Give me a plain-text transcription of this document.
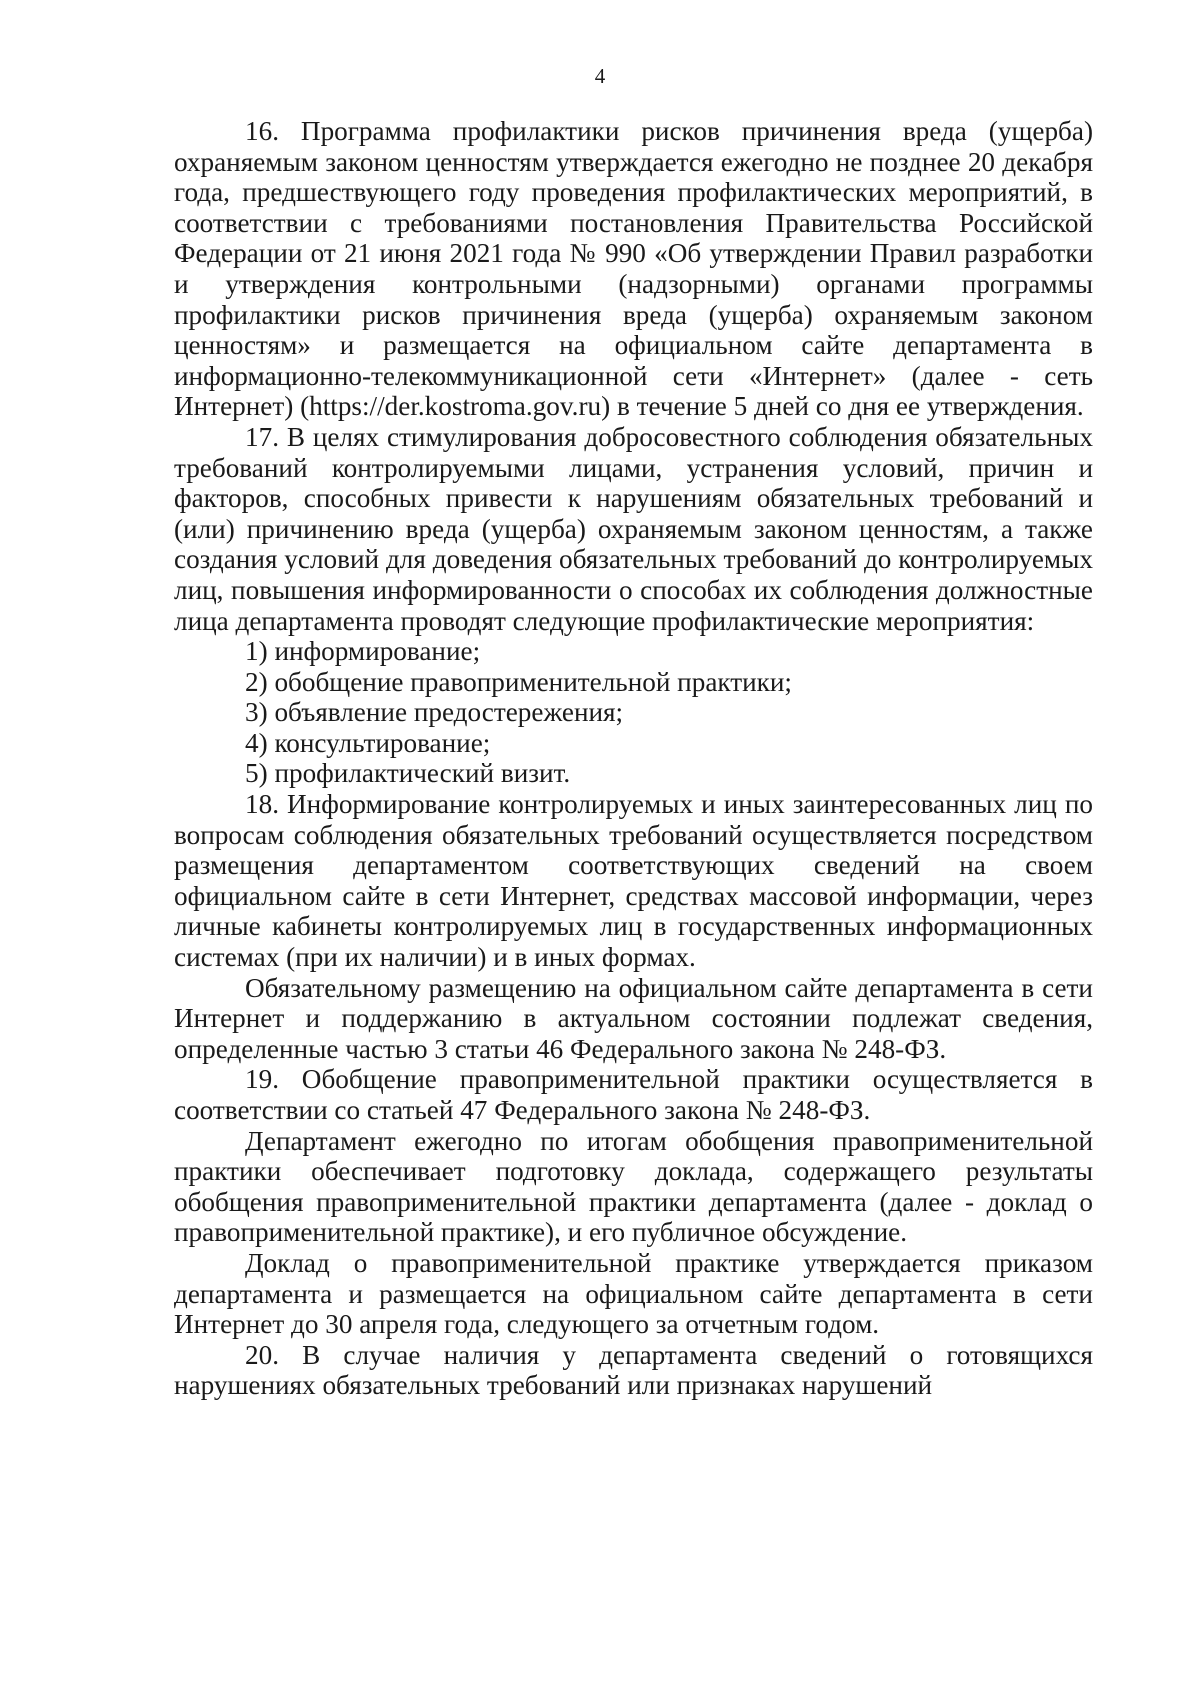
4

16. Программа профилактики рисков причинения вреда (ущерба) охраняемым законом ценностям утверждается ежегодно не позднее 20 декабря года, предшествующего году проведения профилактических мероприятий, в соответствии с требованиями постановления Правительства Российской Федерации от 21 июня 2021 года № 990 «Об утверждении Правил разработки и утверждения контрольными (надзорными) органами программы профилактики рисков причинения вреда (ущерба) охраняемым законом ценностям» и размещается на официальном сайте департамента в информационно-телекоммуникационной сети «Интернет» (далее - сеть Интернет) (https://der.kostroma.gov.ru) в течение 5 дней со дня ее утверждения.

17. В целях стимулирования добросовестного соблюдения обязательных требований контролируемыми лицами, устранения условий, причин и факторов, способных привести к нарушениям обязательных требований и (или) причинению вреда (ущерба) охраняемым законом ценностям, а также создания условий для доведения обязательных требований до контролируемых лиц, повышения информированности о способах их соблюдения должностные лица департамента проводят следующие профилактические мероприятия:

1) информирование;

2) обобщение правоприменительной практики;

3) объявление предостережения;

4) консультирование;

5) профилактический визит.

18. Информирование контролируемых и иных заинтересованных лиц по вопросам соблюдения обязательных требований осуществляется посредством размещения департаментом соответствующих сведений на своем официальном сайте в сети Интернет, средствах массовой информации, через личные кабинеты контролируемых лиц в государственных информационных системах (при их наличии) и в иных формах.

Обязательному размещению на официальном сайте департамента в сети Интернет и поддержанию в актуальном состоянии подлежат сведения, определенные частью 3 статьи 46 Федерального закона № 248-ФЗ.

19. Обобщение правоприменительной практики осуществляется в соответствии со статьей 47 Федерального закона № 248-ФЗ.

Департамент ежегодно по итогам обобщения правоприменительной практики обеспечивает подготовку доклада, содержащего результаты обобщения правоприменительной практики департамента (далее - доклад о правоприменительной практике), и его публичное обсуждение.

Доклад о правоприменительной практике утверждается приказом департамента и размещается на официальном сайте департамента в сети Интернет до 30 апреля года, следующего за отчетным годом.

20. В случае наличия у департамента сведений о готовящихся нарушениях обязательных требований или признаках нарушений
